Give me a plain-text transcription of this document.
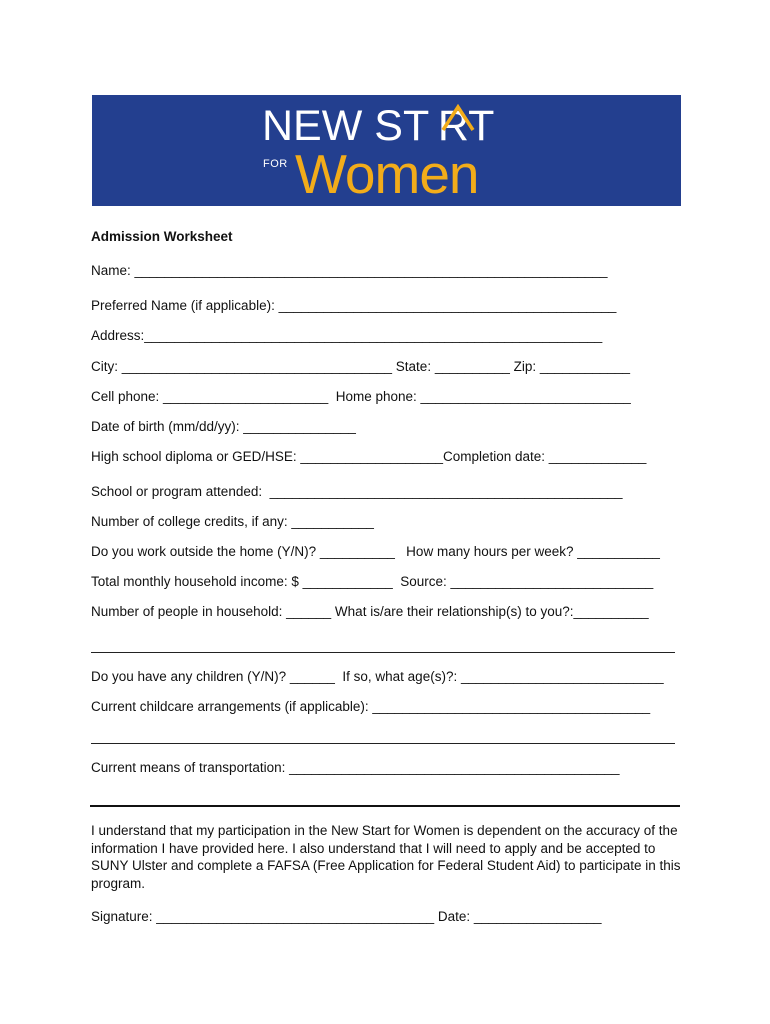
NEW ST RT
FOR Women
Admission Worksheet
Name: _______________________________________________________________
Preferred Name (if applicable): _____________________________________________
Address:_____________________________________________________________
City: ____________________________________ State: __________ Zip: ____________
Cell phone: ______________________  Home phone: ____________________________
Date of birth (mm/dd/yy): _______________
High school diploma or GED/HSE: ___________________Completion date: _____________
School or program attended:  _______________________________________________
Number of college credits, if any: ___________
Do you work outside the home (Y/N)? __________   How many hours per week? ___________
Total monthly household income: $ ____________  Source: ___________________________
Number of people in household: ______ What is/are their relationship(s) to you?:__________
Do you have any children (Y/N)? ______  If so, what age(s)?: ___________________________
Current childcare arrangements (if applicable): _____________________________________
Current means of transportation: ____________________________________________
I understand that my participation in the New Start for Women is dependent on the accuracy of the information I have provided here. I also understand that I will need to apply and be accepted to SUNY Ulster and complete a FAFSA (Free Application for Federal Student Aid) to participate in this program.
Signature: _____________________________________ Date: _________________
